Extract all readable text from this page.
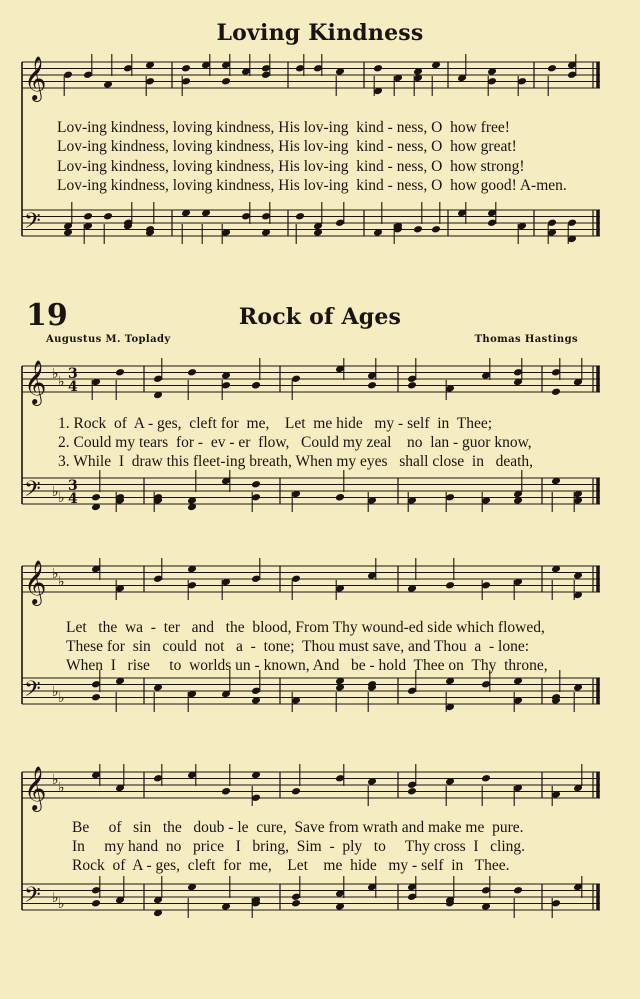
Loving Kindness
𝄞
𝄢
Lov-ing kindness, loving kindness, His lov-ing  kind - ness, O  how free!
Lov-ing kindness, loving kindness, His lov-ing  kind - ness, O  how great!
Lov-ing kindness, loving kindness, His lov-ing  kind - ness, O  how strong!
Lov-ing kindness, loving kindness, His lov-ing  kind - ness, O  how good! A-men.
19	Rock of Ages
Augustus M. Toplady	Thomas Hastings
𝄞
𝄢
♭ ♭
♭ ♭
3
4
3
4
1. Rock  of  A - ges,  cleft for  me,    Let  me hide   my - self  in  Thee;
2. Could my tears  for -  ev - er  flow,   Could my zeal    no  lan - guor know,
3. While  I  draw this fleet-ing breath, When my eyes   shall close  in   death,
𝄞
𝄢
♭ ♭
♭ ♭
Let   the  wa  -  ter   and   the  blood, From Thy wound-ed side which flowed,
These for  sin   could  not   a  -  tone;  Thou must save, and Thou  a  - lone:
When  I   rise     to  worlds un - known, And   be - hold  Thee on  Thy  throne,
𝄞
𝄢
♭ ♭
♭ ♭
Be     of   sin   the   doub - le  cure,  Save from wrath and make me  pure.
In     my hand  no   price   I   bring,  Sim  -  ply   to     Thy cross  I   cling.
Rock  of  A - ges,  cleft  for  me,    Let    me  hide   my - self  in   Thee.
